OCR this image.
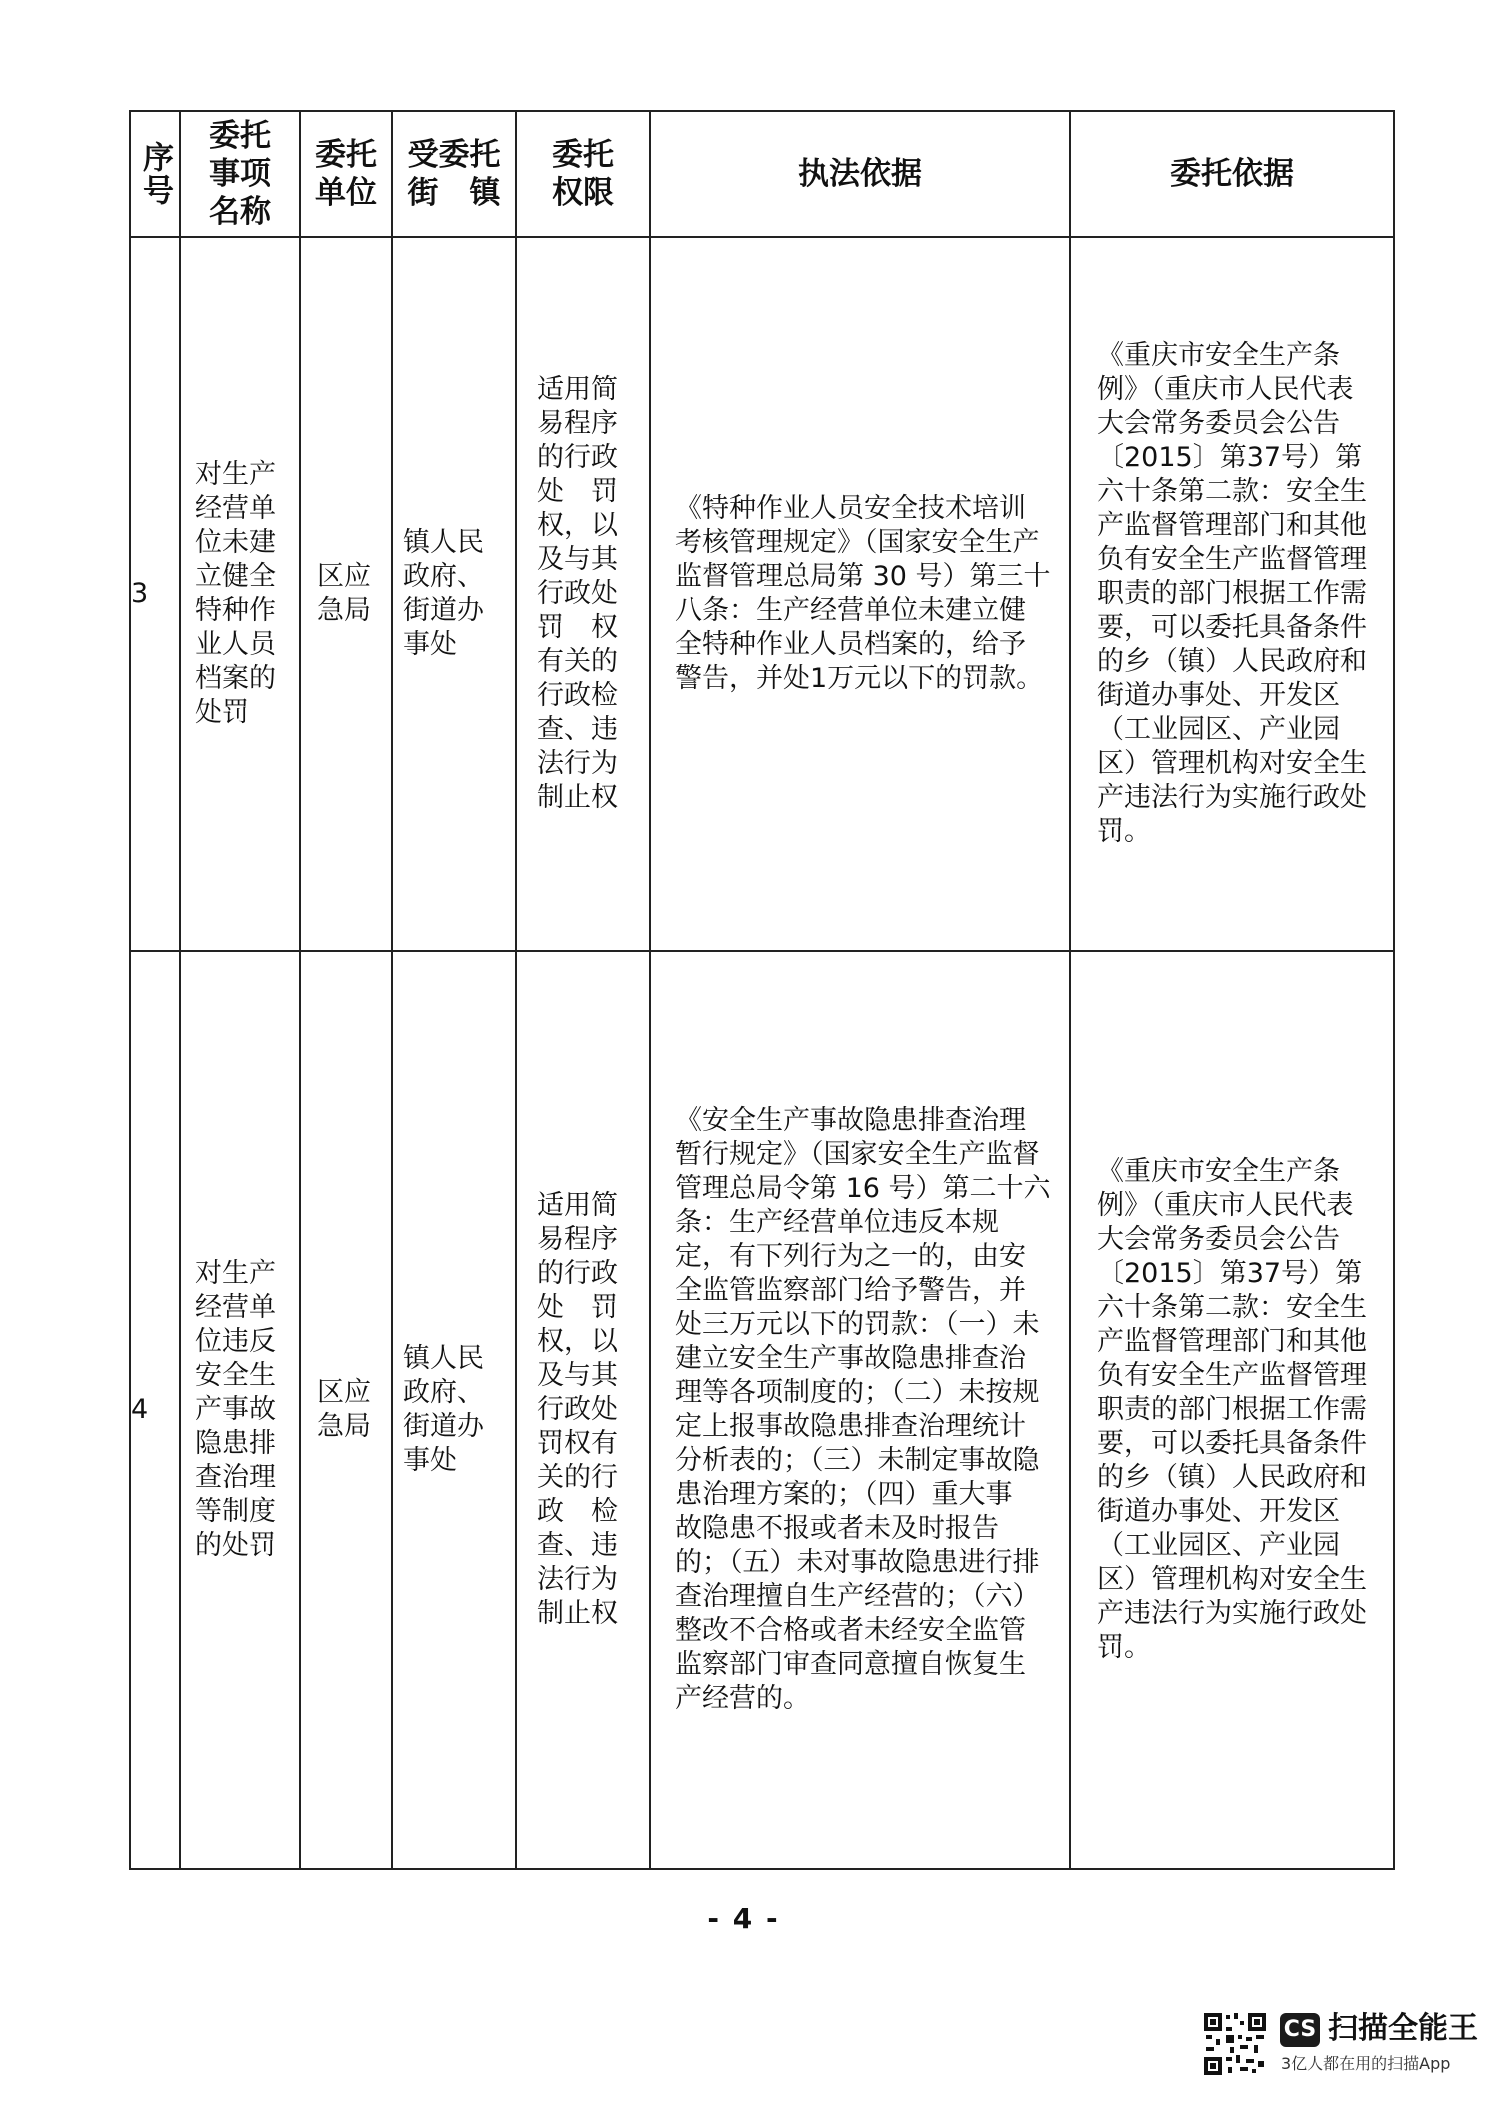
序号	委托事项名称	委托单位	受委托街　镇	委托权限	执法依据	委托依据

3	对生产经营单位未建立健全特种作业人员档案的处罚	区应急局	镇人民政府、街道办事处	适用简易程序的行政处　罚权，以及与其行政处罚　权有关的行政检查、违法行为制止权	《特种作业人员安全技术培训考核管理规定》（国家安全生产监督管理总局第 30 号）第三十八条：生产经营单位未建立健全特种作业人员档案的，给予警告，并处1万元以下的罚款。	《重庆市安全生产条例》（重庆市人民代表大会常务委员会公告〔2015〕第37号）第六十条第二款：安全生产监督管理部门和其他负有安全生产监督管理职责的部门根据工作需要，可以委托具备条件的乡（镇）人民政府和街道办事处、开发区（工业园区、产业园区）管理机构对安全生产违法行为实施行政处罚。

4	对生产经营单位违反安全生产事故隐患排查治理等制度的处罚	区应急局	镇人民政府、街道办事处	适用简易程序的行政处　罚权，以及与其行政处罚权有关的行政　检查、违法行为制止权	《安全生产事故隐患排查治理暂行规定》（国家安全生产监督管理总局令第 16 号）第二十六条：生产经营单位违反本规定，有下列行为之一的，由安全监管监察部门给予警告，并处三万元以下的罚款：（一）未建立安全生产事故隐患排查治理等各项制度的；（二）未按规定上报事故隐患排查治理统计分析表的；（三）未制定事故隐患治理方案的；（四）重大事　故隐患不报或者未及时报告的；（五）未对事故隐患进行排查治理擅自生产经营的；（六）整改不合格或者未经安全监管监察部门审查同意擅自恢复生产经营的。	《重庆市安全生产条例》（重庆市人民代表大会常务委员会公告〔2015〕第37号）第六十条第二款：安全生产监督管理部门和其他负有安全生产监督管理职责的部门根据工作需要，可以委托具备条件的乡（镇）人民政府和街道办事处、开发区（工业园区、产业园区）管理机构对安全生产违法行为实施行政处罚。
- 4 -
CS 扫描全能王
3亿人都在用的扫描App
